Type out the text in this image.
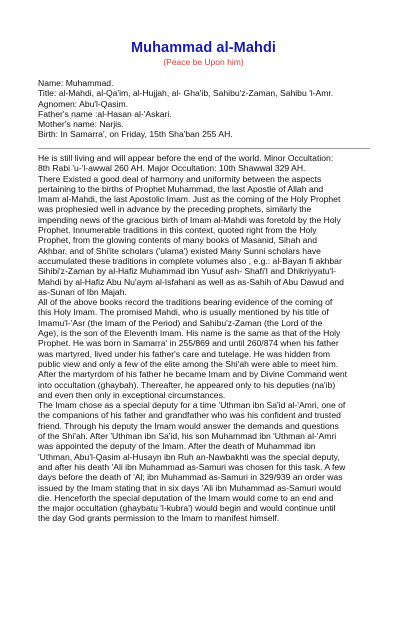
Muhammad al-Mahdi
(Peace be Upon him)
Name: Muhammad.
Title: al-Mahdi, al-Qa'im, al-Hujjah, al- Gha'ib, Sahibu'z-Zaman, Sahibu 'l-Amr.
Agnomen: Abu'l-Qasim.
Father's name :al-Hasan al-'Askari.
Mother's name: Narjis.
Birth: In Samarra', on Friday, 15th Sha'ban 255 AH.
He is still living and will appear before the end of the world. Minor Occultation:
8th Rabi 'u-'l-awwal 260 AH. Major Occultation: 10th Shawwal 329 AH.
There Existed a good deal of harmony and uniformity between the aspects
pertaining to the births of Prophet Muhammad, the last Apostle of Allah and
Imam al-Mahdi, the last Apostolic Imam. Just as the coming of the Holy Prophet
was prophesied well in advance by the preceding prophets, similarly the
impending news of the gracious birth of Imam al-Mahdi was foretold by the Holy
Prophet. Innumerable traditions in this context, quoted right from the Holy
Prophet, from the glowing contents of many books of Masanid, Sihah and
Akhbar, and of Shi'ite scholars ('ulama') existed Many Sunni scholars have
accumulated these traditions in complete volumes also , e.g.: al-Bayan fi akhbar
Sihibi'z-Zaman by al-Hafiz Muhammad ibn Yusuf ash- Shafi'I and Dhikriyyatu'l-
Mahdi by al-Hafiz Abu Nu'aym al-Isfahani as well as as-Sahih of Abu Dawud and
as-Sunan of Ibn Majah.
All of the above books record the traditions bearing evidence of the coming of
this Holy Imam. The promised Mahdi, who is usually mentioned by his title of
Imamu'l-'Asr (the Imam of the Period) and Sahibu'z-Zaman (the Lord of the
Age), is the son of the Eleventh Imam. His name is the same as that of the Holy
Prophet. He was born in Samarra' in 255/869 and until 260/874 when his father
was martyred, lived under his father's care and tutelage. He was hidden from
public view and only a few of the elite among the Shi'ah were able to meet him.
After the martyrdom of his father he became Imam and by Divine Command went
into occultation (ghaybah). Thereafter, he appeared only to his deputies (na'ib)
and even then only in exceptional circumstances.
The Imam chose as a special deputy for a time 'Uthman ibn Sa'id al-'Amri, one of
the companions of his father and grandfather who was his confident and trusted
friend. Through his deputy the Imam would answer the demands and questions
of the Shi'ah. After 'Uthman ibn Sa'id, his son Muhammad ibn 'Uthman al-'Amri
was appointed the deputy of the Imam. After the death of Muhammad ibn
'Uthman, Abu'l-Qasim al-Husayn ibn Ruh an-Nawbakhti was the special deputy,
and after his death 'Ali ibn Muhammad as-Samuri was chosen for this task. A few
days before the death of 'Al; ibn Muhammad as-Samuri in 329/939 an order was
issued by the Imam stating that in six days 'Ali ibn Muhammad as-Samuri would
die. Henceforth the special deputation of the Imam would come to an end and
the major occultation (ghaybatu 'l-kubra') would begin and would continue until
the day God grants permission to the Imam to manifest himself.
